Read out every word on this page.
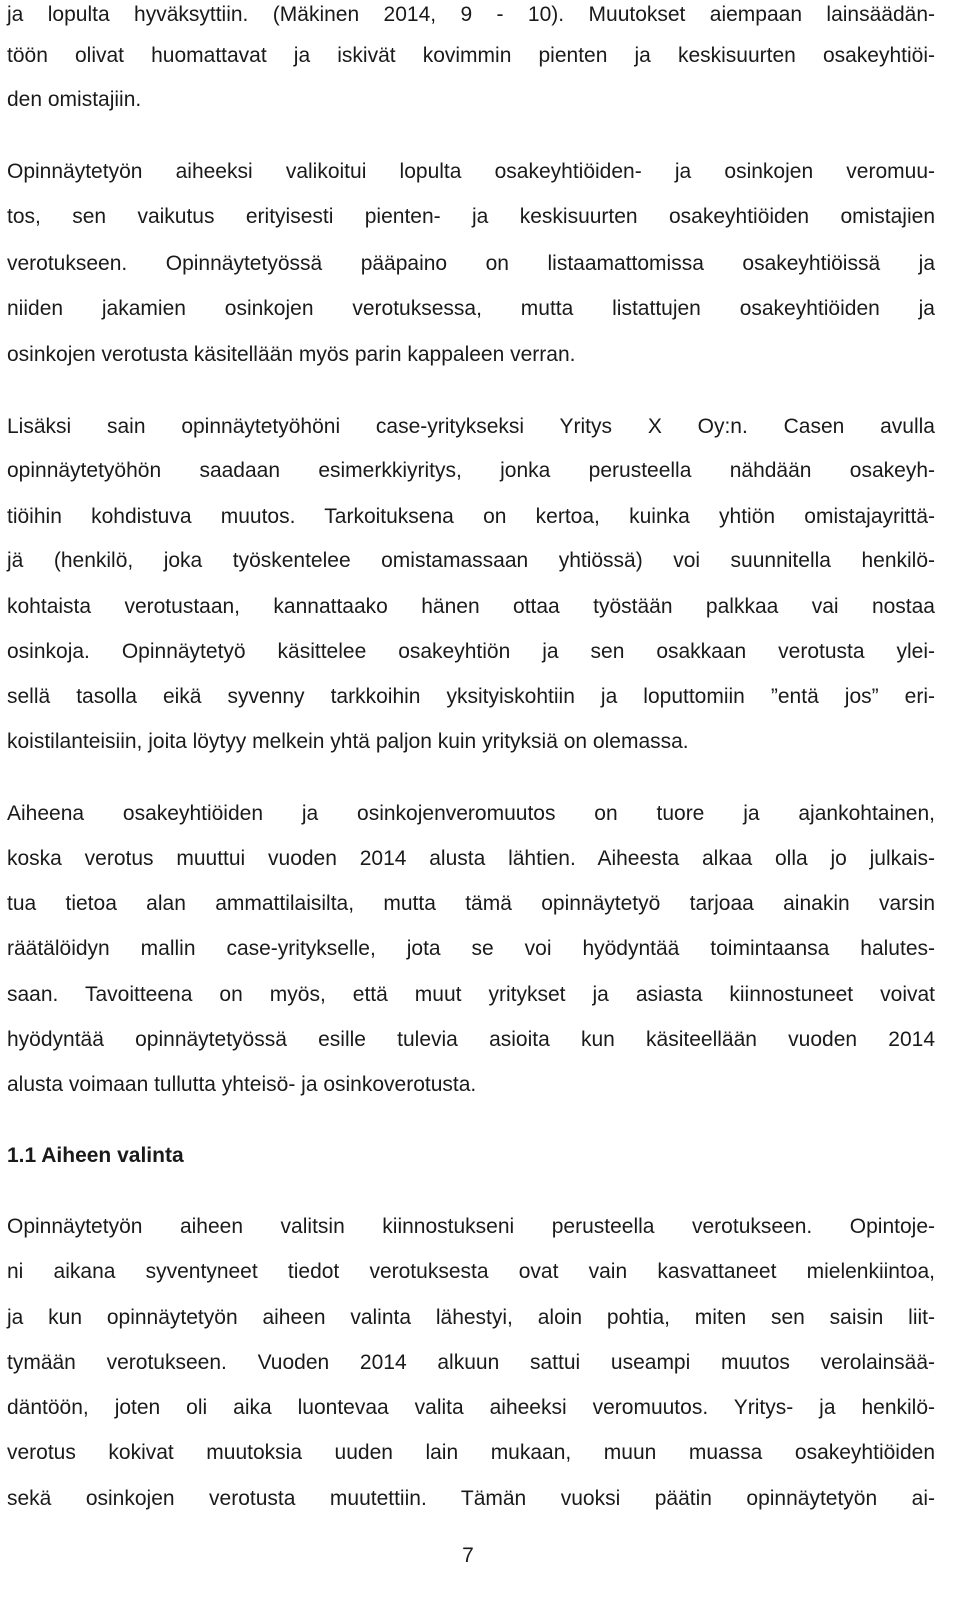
ja lopulta hyväksyttiin. (Mäkinen 2014, 9 - 10). Muutokset aiempaan lainsäädän-
töön olivat huomattavat ja iskivät kovimmin pienten ja keskisuurten osakeyhtiöi-
den omistajiin.
Opinnäytetyön aiheeksi valikoitui lopulta osakeyhtiöiden- ja osinkojen veromuu-
tos, sen vaikutus erityisesti pienten- ja keskisuurten osakeyhtiöiden omistajien
verotukseen. Opinnäytetyössä pääpaino on listaamattomissa osakeyhtiöissä ja
niiden jakamien osinkojen verotuksessa, mutta listattujen osakeyhtiöiden ja
osinkojen verotusta käsitellään myös parin kappaleen verran.
Lisäksi sain opinnäytetyöhöni case-yritykseksi Yritys X Oy:n. Casen avulla
opinnäytetyöhön saadaan esimerkkiyritys, jonka perusteella nähdään osakeyh-
tiöihin kohdistuva muutos. Tarkoituksena on kertoa, kuinka yhtiön omistajayrittä-
jä (henkilö, joka työskentelee omistamassaan yhtiössä) voi suunnitella henkilö-
kohtaista verotustaan, kannattaako hänen ottaa työstään palkkaa vai nostaa
osinkoja. Opinnäytetyö käsittelee osakeyhtiön ja sen osakkaan verotusta ylei-
sellä tasolla eikä syvenny tarkkoihin yksityiskohtiin ja loputtomiin ”entä jos” eri-
koistilanteisiin, joita löytyy melkein yhtä paljon kuin yrityksiä on olemassa.
Aiheena osakeyhtiöiden ja osinkojenveromuutos on tuore ja ajankohtainen,
koska verotus muuttui vuoden 2014 alusta lähtien. Aiheesta alkaa olla jo julkais-
tua tietoa alan ammattilaisilta, mutta tämä opinnäytetyö tarjoaa ainakin varsin
räätälöidyn mallin case-yritykselle, jota se voi hyödyntää toimintaansa halutes-
saan. Tavoitteena on myös, että muut yritykset ja asiasta kiinnostuneet voivat
hyödyntää opinnäytetyössä esille tulevia asioita kun käsiteellään vuoden 2014
alusta voimaan tullutta yhteisö- ja osinkoverotusta.
1.1 Aiheen valinta
Opinnäytetyön aiheen valitsin kiinnostukseni perusteella verotukseen. Opintoje-
ni aikana syventyneet tiedot verotuksesta ovat vain kasvattaneet mielenkiintoa,
ja kun opinnäytetyön aiheen valinta lähestyi, aloin pohtia, miten sen saisin liit-
tymään verotukseen. Vuoden 2014 alkuun sattui useampi muutos verolainsää-
däntöön, joten oli aika luontevaa valita aiheeksi veromuutos. Yritys- ja henkilö-
verotus kokivat muutoksia uuden lain mukaan, muun muassa osakeyhtiöiden
sekä osinkojen verotusta muutettiin. Tämän vuoksi päätin opinnäytetyön ai-
7
